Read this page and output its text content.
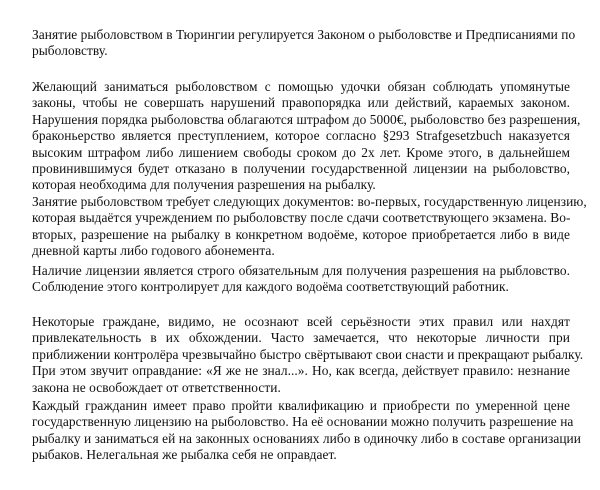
Занятие рыболовством в Тюрингии регулируется Законом о рыболовстве и Предписаниями по
рыболовству.

Желающий заниматься рыболовством с помощью удочки обязан соблюдать упомянутые
законы, чтобы не совершать нарушений правопорядка или действий, караемых законом.
Нарушения порядка рыболовства облагаются штрафом до 5000€, рыболовство без разрешения,
браконьерство является преступлением, которое согласно §293 Strafgesetzbuch наказуется
высоким штрафом либо лишением свободы сроком до 2х лет. Кроме этого, в дальнейшем
провинившимуся будет отказано в получении государственной лицензии на рыболовство,
которая необходима для получения разрешения на рыбалку.

Занятие рыболовством требует следующих документов: во-первых, государственную лицензию,
которая выдаётся учреждением по рыболовству после сдачи соответствующего экзамена. Во-
вторых, разрешение на рыбалку в конкретном водоёме, которое приобретается либо в виде
дневной карты либо годового абонемента.

Наличие лицензии является строго обязательным для получения разрешения на рыбловство.
Соблюдение этого контролирует для каждого водоёма соответствующий работник.

Некоторые граждане, видимо, не осознают всей серьёзности этих правил или нахдят
привлекательность в их обхождении. Часто замечается, что некоторые личности при
приближении контролёра чрезвычайно быстро свёртывают свои снасти и прекращают рыбалку.
При этом звучит оправдание: «Я же не знал...». Но, как всегда, действует правило: незнание
закона не освобождает от ответственности.

Каждый гражданин имеет право пройти квалификацию и приобрести по умеренной цене
государственную лицензию на рыболовство. На её основании можно получить разрешение на
рыбалку и заниматься ей на законных основаниях либо в одиночку либо в составе организации
рыбаков. Нелегальная же рыбалка себя не оправдает.
